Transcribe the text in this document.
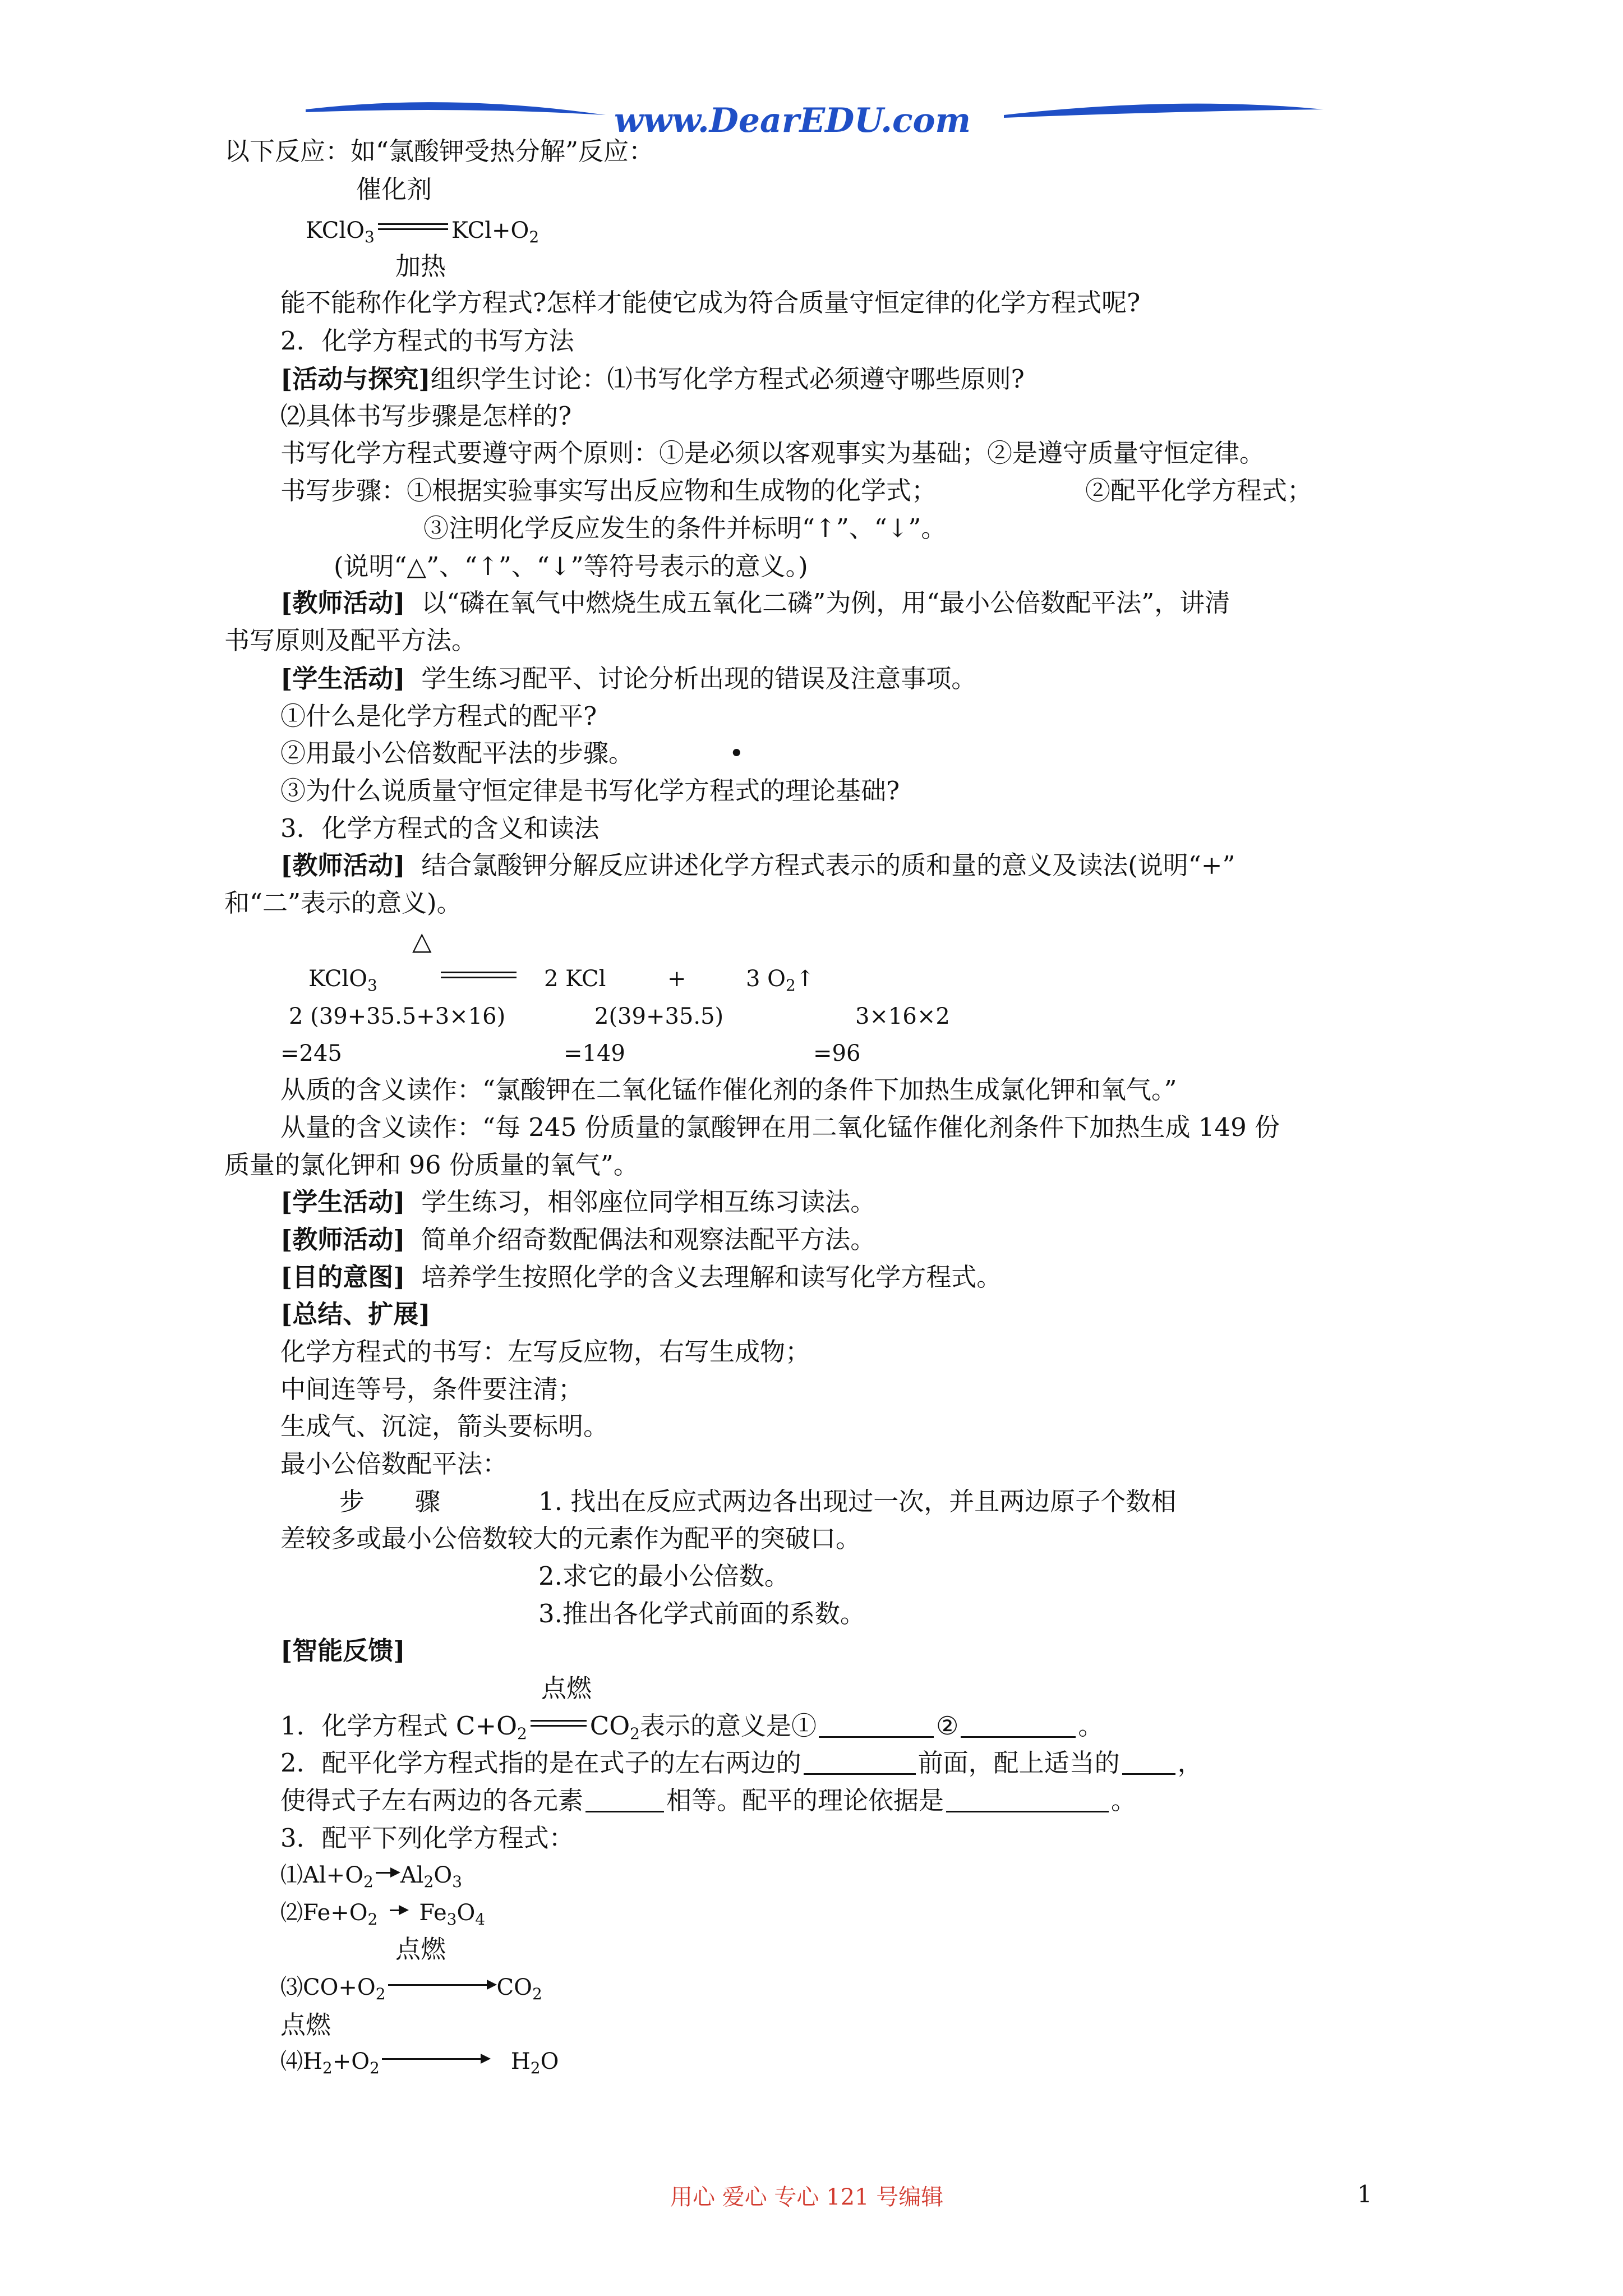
www.DearEDU.com
以下反应：如“氯酸钾受热分解”反应：
催化剂
KClO$_3$	$KCl+O_2$
加热
能不能称作化学方程式?怎样才能使它成为符合质量守恒定律的化学方程式呢?
2．化学方程式的书写方法
[活动与探究]组织学生讨论：⑴书写化学方程式必须遵守哪些原则?
⑵具体书写步骤是怎样的?
书写化学方程式要遵守两个原则：①是必须以客观事实为基础；②是遵守质量守恒定律。
书写步骤：①根据实验事实写出反应物和生成物的化学式；	②配平化学方程式；
③注明化学反应发生的条件并标明“↑”、“↓”。
(说明“△”、“↑”、“↓”等符号表示的意义。)
[教师活动] 以“磷在氧气中燃烧生成五氧化二磷”为例，用“最小公倍数配平法”，讲清
书写原则及配平方法。
[学生活动] 学生练习配平、讨论分析出现的错误及注意事项。
①什么是化学方程式的配平?
②用最小公倍数配平法的步骤。	•
③为什么说质量守恒定律是书写化学方程式的理论基础?
3．化学方程式的含义和读法
[教师活动] 结合氯酸钾分解反应讲述化学方程式表示的质和量的意义及读法(说明“+”
和“二”表示的意义)。
△
KClO$_3$	2 KCl	+	3 $O_2↑$
2 (39+35.5+3×16)	2(39+35.5)	3×16×2
=245	=149	=96
从质的含义读作：“氯酸钾在二氧化锰作催化剂的条件下加热生成氯化钾和氧气。”
从量的含义读作：“每 245 份质量的氯酸钾在用二氧化锰作催化剂条件下加热生成 149 份
质量的氯化钾和 96 份质量的氧气”。
[学生活动] 学生练习，相邻座位同学相互练习读法。
[教师活动] 简单介绍奇数配偶法和观察法配平方法。
[目的意图] 培养学生按照化学的含义去理解和读写化学方程式。
[总结、扩展]
化学方程式的书写：左写反应物，右写生成物；
中间连等号，条件要注清；
生成气、沉淀，箭头要标明。
最小公倍数配平法：
步　　骤	1. 找出在反应式两边各出现过一次，并且两边原子个数相
差较多或最小公倍数较大的元素作为配平的突破口。
2.求它的最小公倍数。
3.推出各化学式前面的系数。
[智能反馈]
点燃
1．化学方程式 $C+O_2$ $CO_2$表示的意义是①	②	。
2．配平化学方程式指的是在式子的左右两边的	前面，配上适当的 ，
使得式子左右两边的各元素	相等。配平的理论依据是	。
3．配平下列化学方程式：
$⑴Al+O_2$ $Al_2O_3$
$⑵Fe+O_2$ $Fe_3O_4$
点燃
$⑶CO+O_2$	$CO_2$
点燃
$⑷H_2+O_2$	$H_2O$
用心 爱心 专心 121 号编辑	1
